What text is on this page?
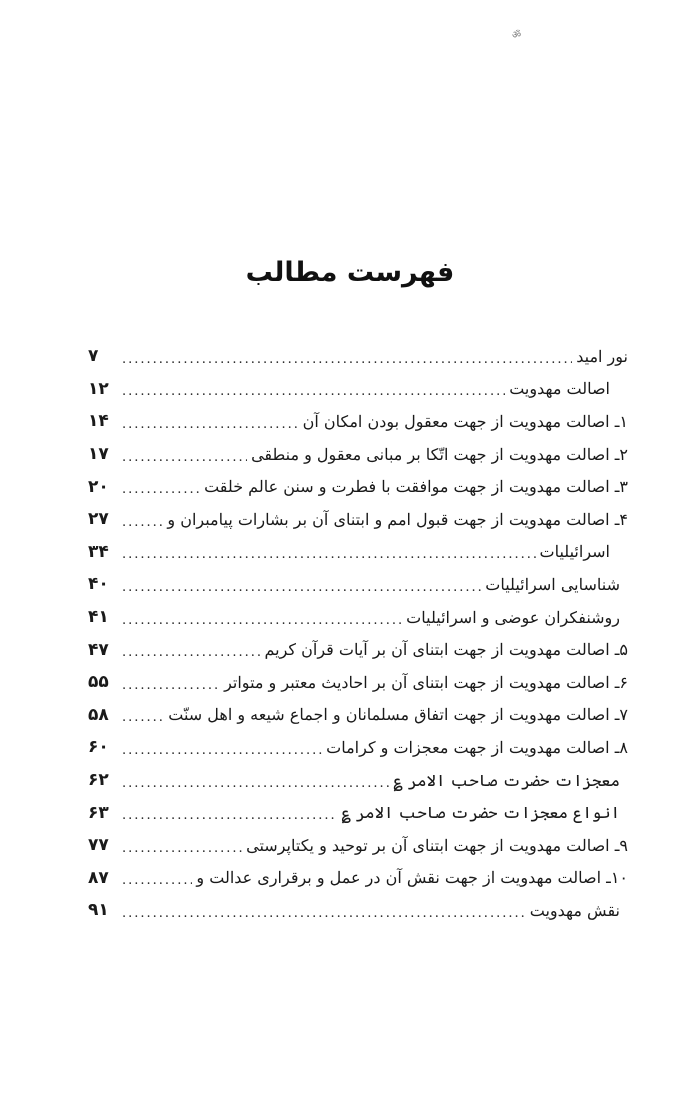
ॐ
فهرست مطالب
نور امید
.....
۷
اصالت مهدویت
.....
۱۲
۱ـ اصالت مهدویت از جهت معقول بودن امکان آن
.....
۱۴
۲ـ اصالت مهدویت از جهت اتّکا بر مبانی معقول و منطقی
.....
۱۷
۳ـ اصالت مهدویت از جهت موافقت با فطرت و سنن عالم خلقت
.....
۲۰
۴ـ اصالت مهدویت از جهت قبول امم و ابتنای آن بر بشارات پیامبران و
.....
۲۷
اسرائیلیات
.....
۳۴
شناسایی اسرائیلیات
.....
۴۰
روشنفکران عوضی و اسرائیلیات
.....
۴۱
۵ـ اصالت مهدویت از جهت ابتنای آن بر آیات قرآن کریم
.....
۴۷
۶ـ اصالت مهدویت از جهت ابتنای آن بر احادیث معتبر و متواتر
.....
۵۵
۷ـ اصالت مهدویت از جهت اتفاق مسلمانان و اجماع شیعه و اهل سنّت
.....
۵۸
۸ـ اصالت مهدویت از جهت معجزات و کرامات
.....
۶۰
معجزات حضرت صاحب الامر ؏
.....
۶۲
انواع معجزات حضرت صاحب الامر ؏
.....
۶۳
۹ـ اصالت مهدویت از جهت ابتنای آن بر توحید و یکتاپرستی
.....
۷۷
۱۰ـ اصالت مهدویت از جهت نقش آن در عمل و برقراری عدالت و
.....
۸۷
نقش مهدویت
.....
۹۱
